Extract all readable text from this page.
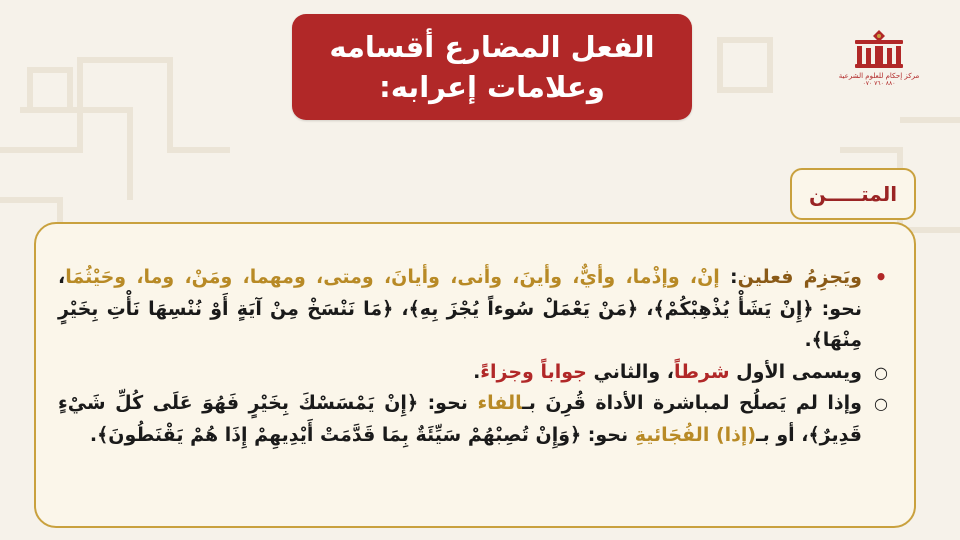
الفعل المضارع أقسامه
وعلامات إعرابه:	مركز إحكام للعلوم الشرعية
٨٨٠ ٧٦٠ ٠٧٠
المتـــــن
•
ويَجزِمُ فعلين: إنْ، وإذْما، وأيٌّ، وأينَ، وأنى، وأيانَ، ومتى، ومهما، ومَنْ، وما، وحَيْثُمَا، نحو: ﴿إِنْ يَشَأْ يُذْهِبْكُمْ﴾، ﴿مَنْ يَعْمَلْ سُوءاً يُجْزَ بِهِ﴾، ﴿مَا نَنْسَخْ مِنْ آيَةٍ أَوْ نُنْسِهَا نَأْتِ بِخَيْرٍ مِنْهَا﴾.
○
ويسمى الأول شرطاً، والثاني جواباً وجزاءً.
○
وإذا لم يَصلُح لمباشرة الأداة قُرِنَ بـالفاء نحو: ﴿إِنْ يَمْسَسْكَ بِخَيْرٍ فَهُوَ عَلَى كُلِّ شَيْءٍ قَدِيرٌ﴾، أو بـ(إذا) الفُجَائيةِ نحو: ﴿وَإِنْ تُصِبْهُمْ سَيِّئَةٌ بِمَا قَدَّمَتْ أَيْدِيهِمْ إِذَا هُمْ يَقْنَطُونَ﴾.
